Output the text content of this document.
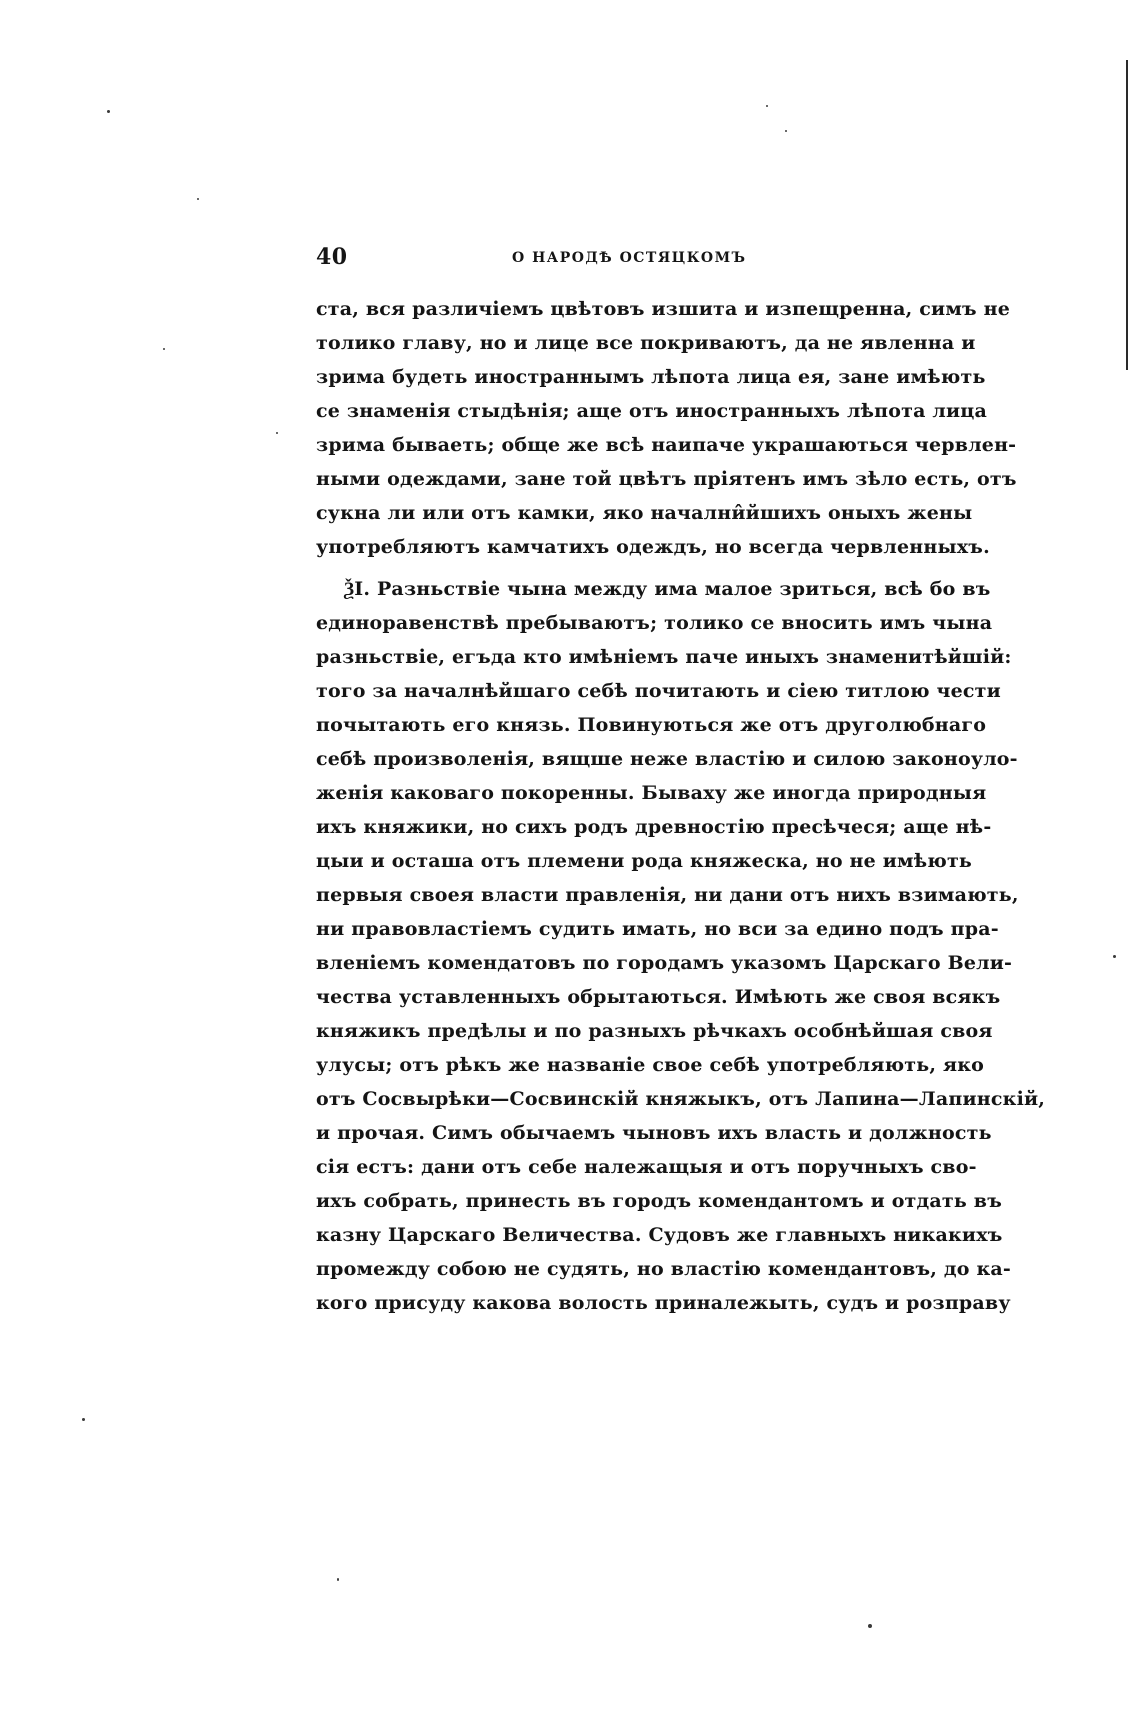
40	О НАРОДѢ ОСТЯЦКОМЪ
ста, вся различіемъ цвѣтовъ изшита и изпещренна, симъ не
толико главу, но и лице все покриваютъ, да не явленна и
зрима будеть иностраннымъ лѣпота лица ея, зане имѣють
се знаменія стыдѣнія; аще отъ иностранныхъ лѣпота лица
зрима бываеть; обще же всѣ наипаче украшаються червлен-
ными одеждами, зане той цвѣтъ пріятенъ имъ зѣло есть, отъ
сукна ли или отъ камки, яко начални̂йшихъ оныхъ жены
употребляютъ камчатихъ одеждъ, но всегда червленныхъ.
ѮІ. Разньствіе чына между има малое зриться, всѣ бо въ
единоравенствѣ пребываютъ; толико се вносить имъ чына
разньствіе, егъда кто имѣніемъ паче иныхъ знаменитѣйшій:
того за началнѣйшаго себѣ почитають и сіею титлою чести
почытають его князь. Повинуються же отъ друголюбнаго
себѣ произволенія, вящше неже властію и силою законоуло-
женія каковаго покоренны. Бываху же иногда природныя
ихъ княжики, но сихъ родъ древностію пресѣчеся; аще нѣ-
цыи и осташа отъ племени рода княжеска, но не имѣють
первыя своея власти правленія, ни дани отъ нихъ взимають,
ни правовластіемъ судить имать, но вси за едино подъ пра-
вленіемъ комендатовъ по городамъ указомъ Царскаго Вели-
чества уставленныхъ обрытаються. Имѣють же своя всякъ
княжикъ предѣлы и по разныхъ рѣчкахъ особнѣйшая своя
улусы; отъ рѣкъ же названіе свое себѣ употребляють, яко
отъ Сосвырѣки—Сосвинскій княжыкъ, отъ Лапина—Лапинскій,
и прочая. Симъ обычаемъ чыновъ ихъ власть и должность
сія естъ: дани отъ себе належащыя и отъ поручныхъ сво-
ихъ собрать, принесть въ городъ комендантомъ и отдать въ
казну Царскаго Величества. Судовъ же главныхъ никакихъ
промежду собою не судять, но властію комендантовъ, до ка-
кого присуду какова волость приналежыть, судъ и розправу
